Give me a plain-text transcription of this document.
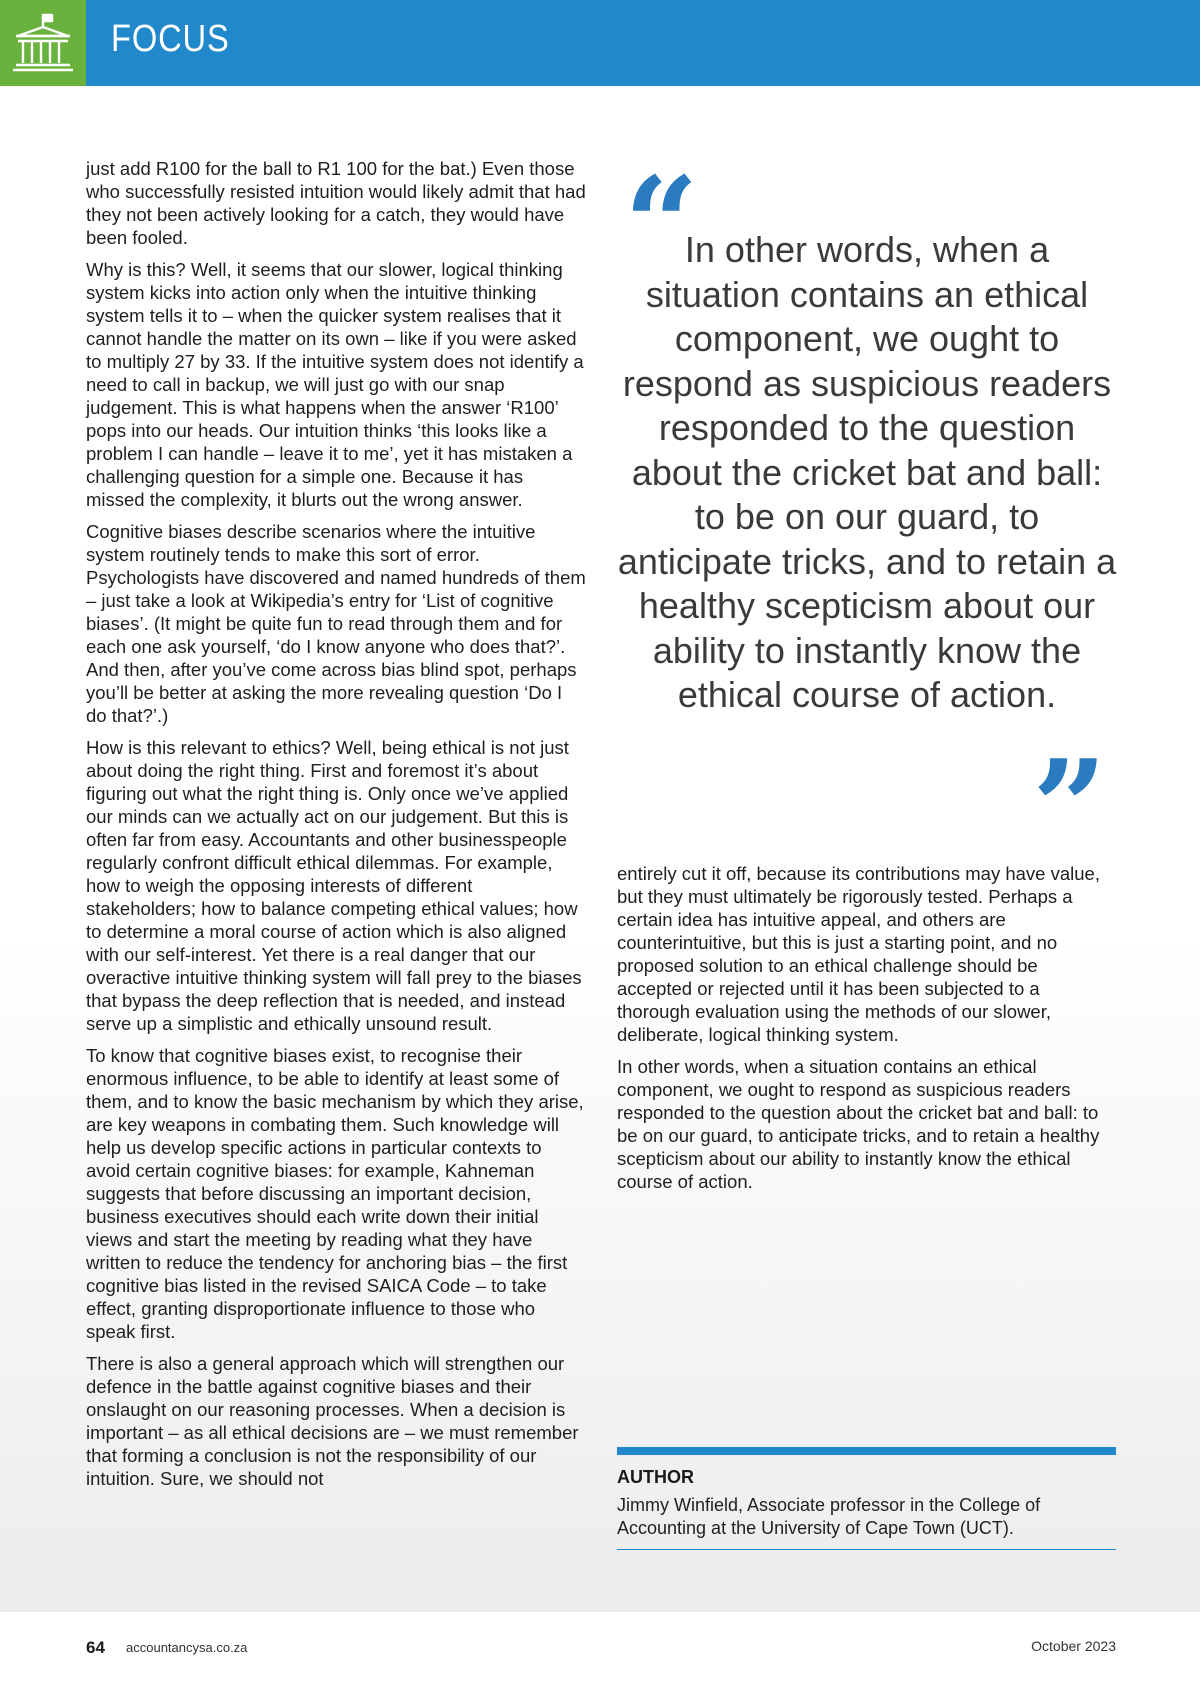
FOCUS

just add R100 for the ball to R1 100 for the bat.) Even those who successfully resisted intuition would likely admit that had they not been actively looking for a catch, they would have been fooled.

Why is this? Well, it seems that our slower, logical thinking system kicks into action only when the intuitive thinking system tells it to – when the quicker system realises that it cannot handle the matter on its own – like if you were asked to multiply 27 by 33. If the intuitive system does not identify a need to call in backup, we will just go with our snap judgement. This is what happens when the answer ‘R100’ pops into our heads. Our intuition thinks ‘this looks like a problem I can handle – leave it to me’, yet it has mistaken a challenging question for a simple one. Because it has missed the complexity, it blurts out the wrong answer.

Cognitive biases describe scenarios where the intuitive system routinely tends to make this sort of error. Psychologists have discovered and named hundreds of them – just take a look at Wikipedia’s entry for ‘List of cognitive biases’. (It might be quite fun to read through them and for each one ask yourself, ‘do I know anyone who does that?’. And then, after you’ve come across bias blind spot, perhaps you’ll be better at asking the more revealing question ‘Do I do that?’.)

How is this relevant to ethics? Well, being ethical is not just about doing the right thing. First and foremost it’s about figuring out what the right thing is. Only once we’ve applied our minds can we actually act on our judgement. But this is often far from easy. Accountants and other businesspeople regularly confront difficult ethical dilemmas. For example, how to weigh the opposing interests of different stakeholders; how to balance competing ethical values; how to determine a moral course of action which is also aligned with our self-interest. Yet there is a real danger that our overactive intuitive thinking system will fall prey to the biases that bypass the deep reflection that is needed, and instead serve up a simplistic and ethically unsound result.

To know that cognitive biases exist, to recognise their enormous influence, to be able to identify at least some of them, and to know the basic mechanism by which they arise, are key weapons in combating them. Such knowledge will help us develop specific actions in particular contexts to avoid certain cognitive biases: for example, Kahneman suggests that before discussing an important decision, business executives should each write down their initial views and start the meeting by reading what they have written to reduce the tendency for anchoring bias – the first cognitive bias listed in the revised SAICA Code – to take effect, granting disproportionate influence to those who speak first.

There is also a general approach which will strengthen our defence in the battle against cognitive biases and their onslaught on our reasoning processes. When a decision is important – as all ethical decisions are – we must remember that forming a conclusion is not the responsibility of our intuition. Sure, we should not

“

In other words, when a situation contains an ethical component, we ought to respond as suspicious readers responded to the question about the cricket bat and ball: to be on our guard, to anticipate tricks, and to retain a healthy scepticism about our ability to instantly know the ethical course of action.

”

entirely cut it off, because its contributions may have value, but they must ultimately be rigorously tested. Perhaps a certain idea has intuitive appeal, and others are counterintuitive, but this is just a starting point, and no proposed solution to an ethical challenge should be accepted or rejected until it has been subjected to a thorough evaluation using the methods of our slower, deliberate, logical thinking system.

In other words, when a situation contains an ethical component, we ought to respond as suspicious readers responded to the question about the cricket bat and ball: to be on our guard, to anticipate tricks, and to retain a healthy scepticism about our ability to instantly know the ethical course of action.

AUTHOR

Jimmy Winfield, Associate professor in the College of Accounting at the University of Cape Town (UCT).

64 accountancysa.co.za	October 2023
